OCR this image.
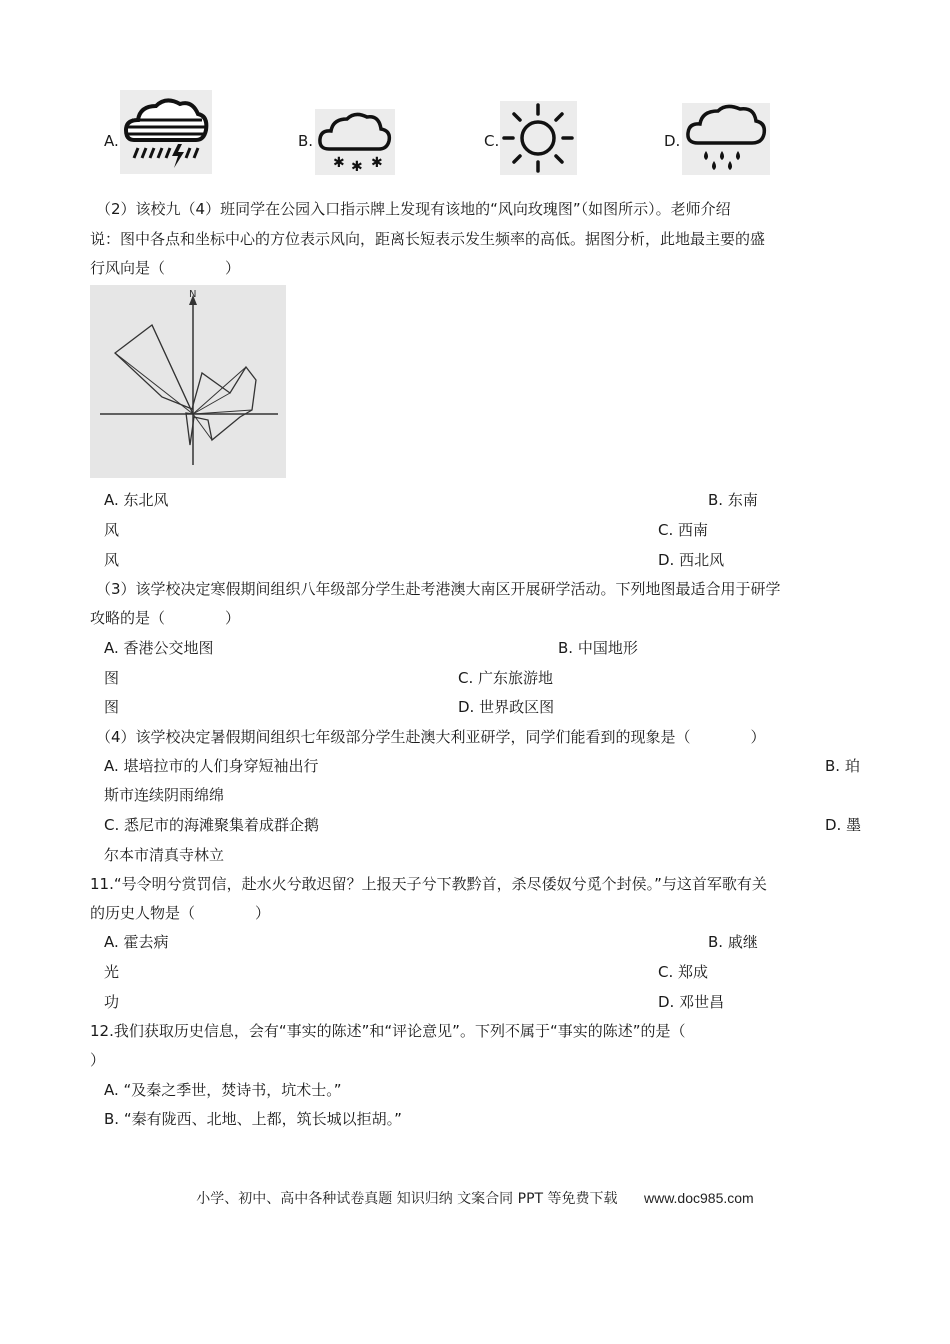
A.	B.
✱ ✱ ✱
C.	D.
（2）该校九（4）班同学在公园入口指示牌上发现有该地的“风向玫瑰图”（如图所示）。老师介绍
说：图中各点和坐标中心的方位表示风向，距离长短表示发生频率的高低。据图分析，此地最主要的盛
行风向是（　　　　）
N
A. 东北风	B. 东南
风	C. 西南
风	D. 西北风
（3）该学校决定寒假期间组织八年级部分学生赴考港澳大南区开展研学活动。下列地图最适合用于研学
攻略的是（　　　　）
A. 香港公交地图	B. 中国地形
图	C. 广东旅游地
图	D. 世界政区图
（4）该学校决定暑假期间组织七年级部分学生赴澳大利亚研学，同学们能看到的现象是（　　　　）
A. 堪培拉市的人们身穿短袖出行	B. 珀
斯市连续阴雨绵绵
C. 悉尼市的海滩聚集着成群企鹅	D. 墨
尔本市清真寺林立
11.“号令明兮赏罚信，赴水火兮敢迟留？上报天子兮下教黔首，杀尽倭奴兮觅个封侯。”与这首军歌有关
的历史人物是（　　　　）
A. 霍去病	B. 戚继
光	C. 郑成
功	D. 邓世昌
12.我们获取历史信息，会有“事实的陈述”和“评论意见”。下列不属于“事实的陈述”的是（
）
A. “及秦之季世，焚诗书，坑术士。”
B. “秦有陇西、北地、上都，筑长城以拒胡。”
小学、初中、高中各种试卷真题 知识归纳 文案合同 PPT 等免费下载 www.doc985.com
